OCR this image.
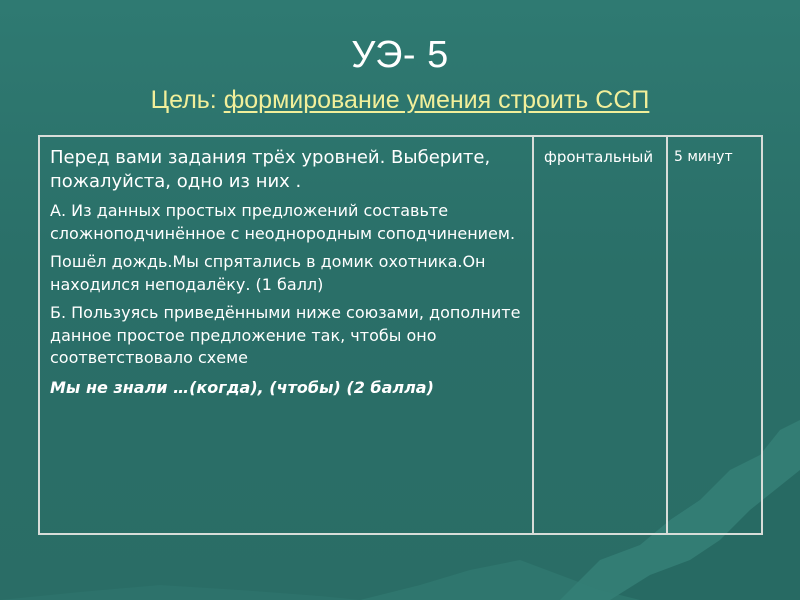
УЭ- 5
Цель: формирование умения строить ССП

Перед вами задания трёх уровней. Выберите, пожалуйста, одно из них .

А. Из данных простых предложений составьте сложноподчинённое с неоднородным соподчинением.

Пошёл дождь.Мы спрятались в домик охотника.Он находился неподалёку. (1 балл)

Б. Пользуясь приведёнными ниже союзами, дополните данное простое предложение так, чтобы оно соответствовало схеме

Мы не знали …(когда), (чтобы) (2 балла)

фронтальный 5 минут
